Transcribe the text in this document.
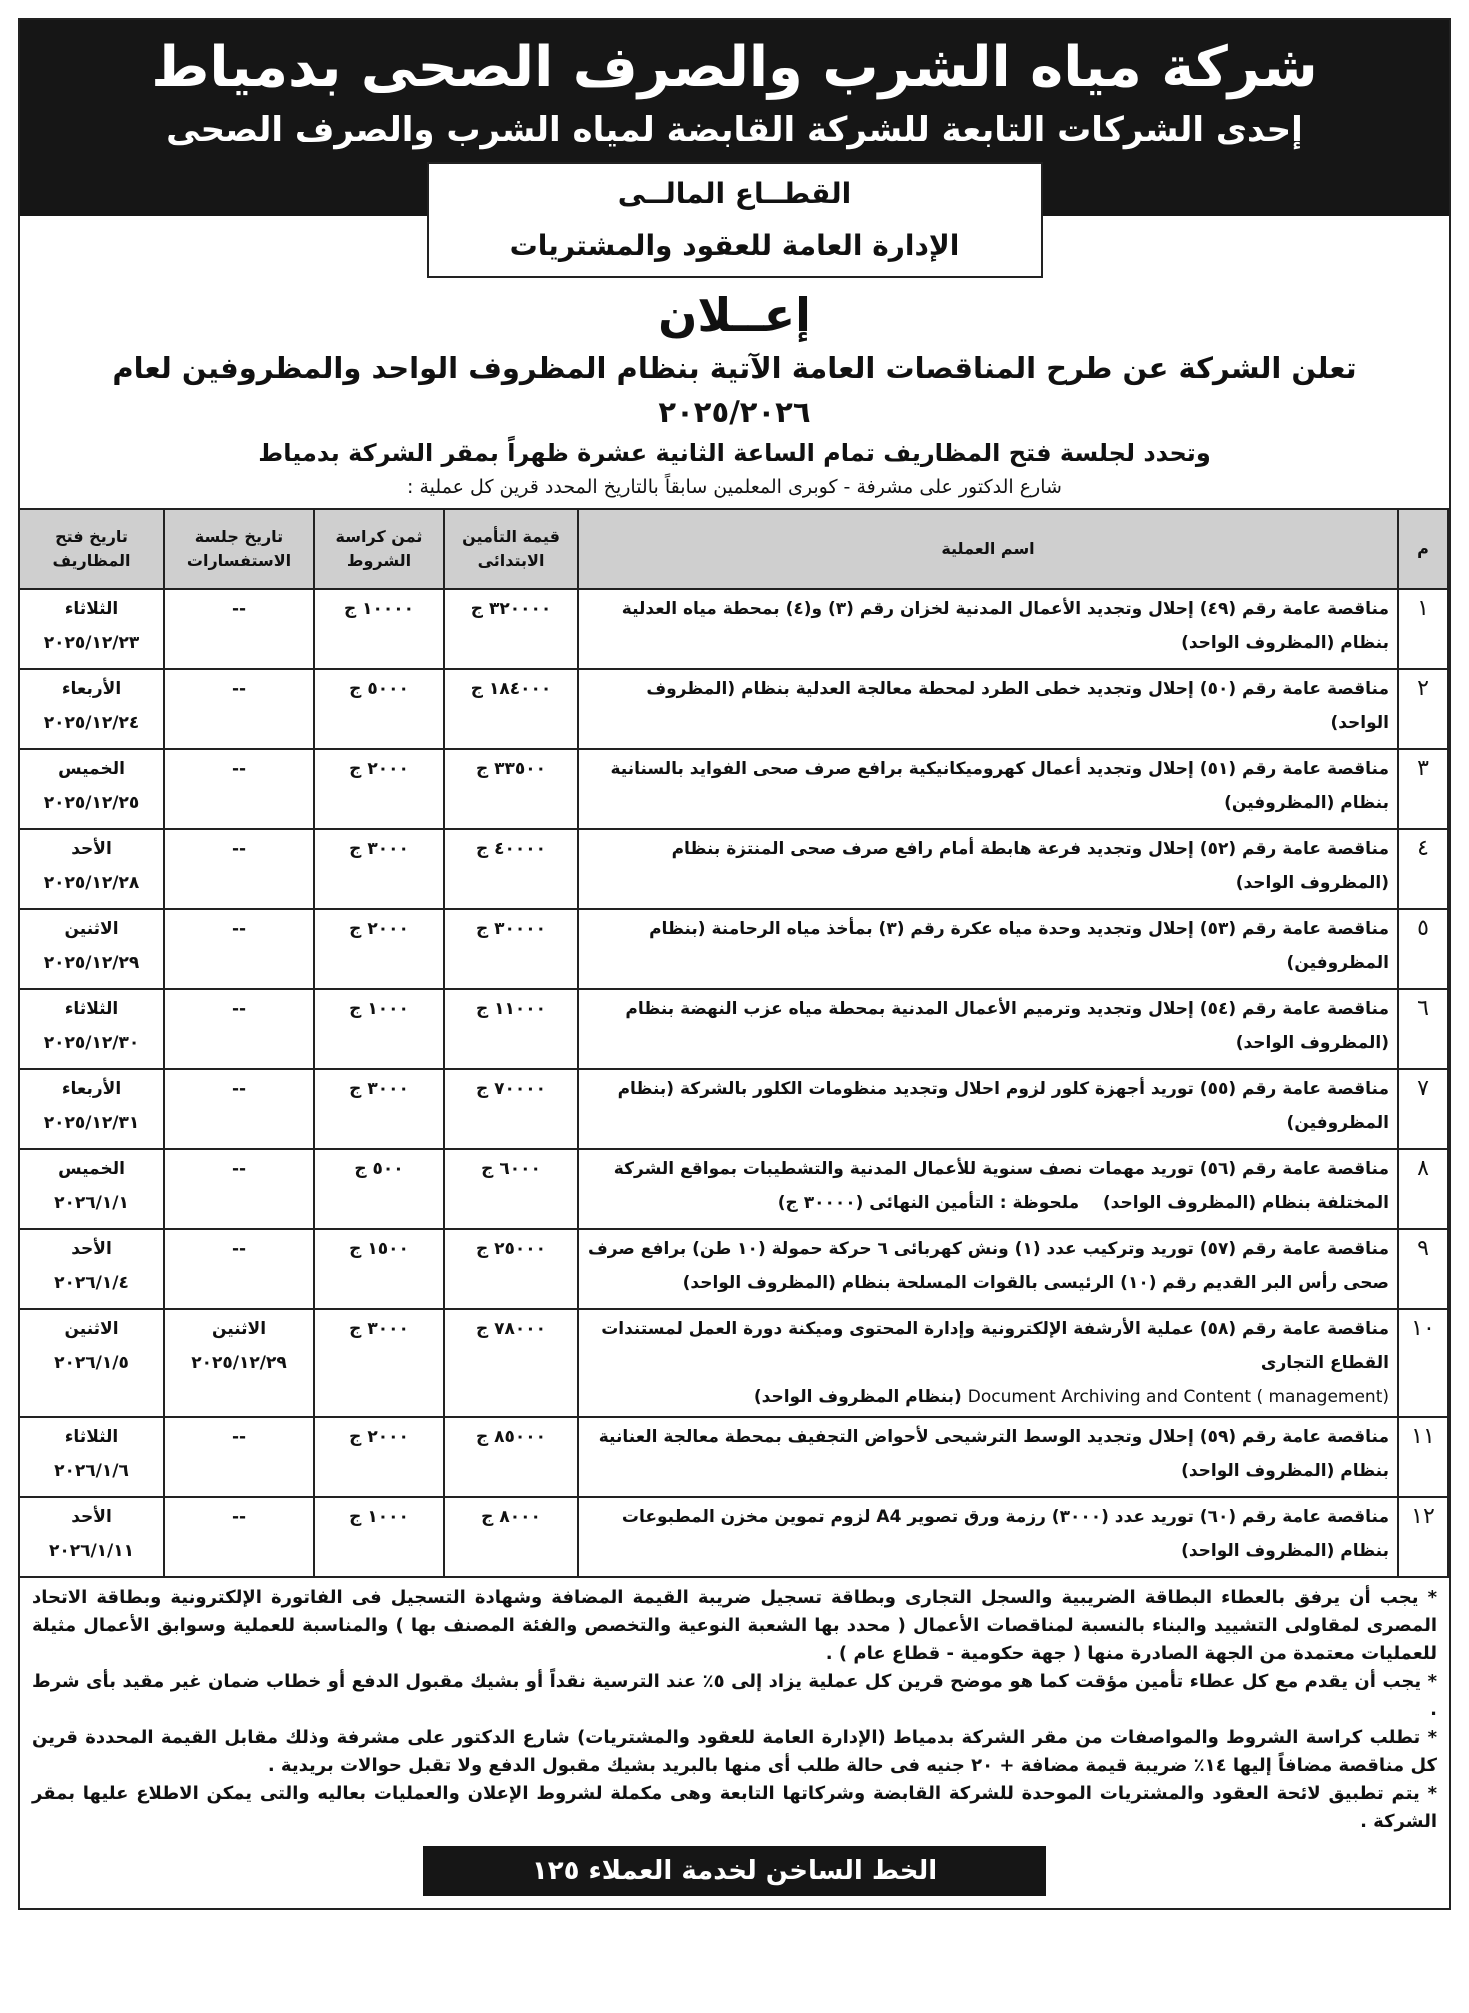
شركة مياه الشرب والصرف الصحى بدمياط
إحدى الشركات التابعة للشركة القابضة لمياه الشرب والصرف الصحى
القطــاع المالــى
الإدارة العامة للعقود والمشتريات
إعــلان
تعلن الشركة عن طرح المناقصات العامة الآتية بنظام المظروف الواحد والمظروفين لعام ٢٠٢٥/٢٠٢٦
وتحدد لجلسة فتح المظاريف تمام الساعة الثانية عشرة ظهراً بمقر الشركة بدمياط
شارع الدكتور على مشرفة - كوبرى المعلمين سابقاً بالتاريخ المحدد قرين كل عملية :
م	اسم العملية	قيمة التأمين الابتدائى	ثمن كراسة الشروط	تاريخ جلسة الاستفسارات	تاريخ فتح المظاريف
١	مناقصة عامة رقم (٤٩) إحلال وتجديد الأعمال المدنية لخزان رقم (٣) و(٤) بمحطة مياه العدلية بنظام (المظروف الواحد)	٣٢٠٠٠٠ ج	١٠٠٠٠ ج	--	الثلاثاء
٢٠٢٥/١٢/٢٣
٢	مناقصة عامة رقم (٥٠) إحلال وتجديد خطى الطرد لمحطة معالجة العدلية بنظام (المظروف الواحد)	١٨٤٠٠٠ ج	٥٠٠٠ ج	--	الأربعاء
٢٠٢٥/١٢/٢٤
٣	مناقصة عامة رقم (٥١) إحلال وتجديد أعمال كهروميكانيكية برافع صرف صحى الفوايد بالسنانية بنظام (المظروفين)	٣٣٥٠٠ ج	٢٠٠٠ ج	--	الخميس
٢٠٢٥/١٢/٢٥
٤	مناقصة عامة رقم (٥٢) إحلال وتجديد فرعة هابطة أمام رافع صرف صحى المنتزة بنظام (المظروف الواحد)	٤٠٠٠٠ ج	٣٠٠٠ ج	--	الأحد
٢٠٢٥/١٢/٢٨
٥	مناقصة عامة رقم (٥٣) إحلال وتجديد وحدة مياه عكرة رقم (٣) بمأخذ مياه الرحامنة (بنظام المظروفين)	٣٠٠٠٠ ج	٢٠٠٠ ج	--	الاثنين
٢٠٢٥/١٢/٢٩
٦	مناقصة عامة رقم (٥٤) إحلال وتجديد وترميم الأعمال المدنية بمحطة مياه عزب النهضة بنظام (المظروف الواحد)	١١٠٠٠ ج	١٠٠٠ ج	--	الثلاثاء
٢٠٢٥/١٢/٣٠
٧	مناقصة عامة رقم (٥٥) توريد أجهزة كلور لزوم احلال وتجديد منظومات الكلور بالشركة (بنظام المظروفين)	٧٠٠٠٠ ج	٣٠٠٠ ج	--	الأربعاء
٢٠٢٥/١٢/٣١
٨	مناقصة عامة رقم (٥٦) توريد مهمات نصف سنوية للأعمال المدنية والتشطيبات بمواقع الشركة المختلفة بنظام (المظروف الواحد)    ملحوظة : التأمين النهائى (٣٠٠٠٠ ج)	٦٠٠٠ ج	٥٠٠ ج	--	الخميس
٢٠٢٦/١/١
٩	مناقصة عامة رقم (٥٧) توريد وتركيب عدد (١) ونش كهربائى ٦ حركة حمولة (١٠ طن) برافع صرف صحى رأس البر القديم رقم (١٠) الرئيسى بالقوات المسلحة بنظام (المظروف الواحد)	٢٥٠٠٠ ج	١٥٠٠ ج	--	الأحد
٢٠٢٦/١/٤
١٠	مناقصة عامة رقم (٥٨) عملية الأرشفة الإلكترونية وإدارة المحتوى وميكنة دورة العمل لمستندات القطاع التجارى
Document Archiving and Content ( management) (بنظام المظروف الواحد)	٧٨٠٠٠ ج	٣٠٠٠ ج	الاثنين
٢٠٢٥/١٢/٢٩	الاثنين
٢٠٢٦/١/٥
١١	مناقصة عامة رقم (٥٩) إحلال وتجديد الوسط الترشيحى لأحواض التجفيف بمحطة معالجة العنانية بنظام (المظروف الواحد)	٨٥٠٠٠ ج	٢٠٠٠ ج	--	الثلاثاء
٢٠٢٦/١/٦
١٢	مناقصة عامة رقم (٦٠) توريد عدد (٣٠٠٠) رزمة ورق تصوير A4 لزوم تموين مخزن المطبوعات بنظام (المظروف الواحد)	٨٠٠٠ ج	١٠٠٠ ج	--	الأحد
٢٠٢٦/١/١١

* يجب أن يرفق بالعطاء البطاقة الضريبية والسجل التجارى وبطاقة تسجيل ضريبة القيمة المضافة وشهادة التسجيل فى الفاتورة الإلكترونية وبطاقة الاتحاد المصرى لمقاولى التشييد والبناء بالنسبة لمناقصات الأعمال ( محدد بها الشعبة النوعية والتخصص والفئة المصنف بها ) والمناسبة للعملية وسوابق الأعمال مثيلة للعمليات معتمدة من الجهة الصادرة منها ( جهة حكومية - قطاع عام ) .

* يجب أن يقدم مع كل عطاء تأمين مؤقت كما هو موضح قرين كل عملية يزاد إلى ٥٪ عند الترسية نقداً أو بشيك مقبول الدفع أو خطاب ضمان غير مقيد بأى شرط .

* تطلب كراسة الشروط والمواصفات من مقر الشركة بدمياط (الإدارة العامة للعقود والمشتريات) شارع الدكتور على مشرفة وذلك مقابل القيمة المحددة قرين كل مناقصة مضافاً إليها ١٤٪ ضريبة قيمة مضافة + ٢٠ جنيه فى حالة طلب أى منها بالبريد بشيك مقبول الدفع ولا تقبل حوالات بريدية .

* يتم تطبيق لائحة العقود والمشتريات الموحدة للشركة القابضة وشركاتها التابعة وهى مكملة لشروط الإعلان والعمليات بعاليه والتى يمكن الاطلاع عليها بمقر الشركة .

الخط الساخن لخدمة العملاء ١٢٥
